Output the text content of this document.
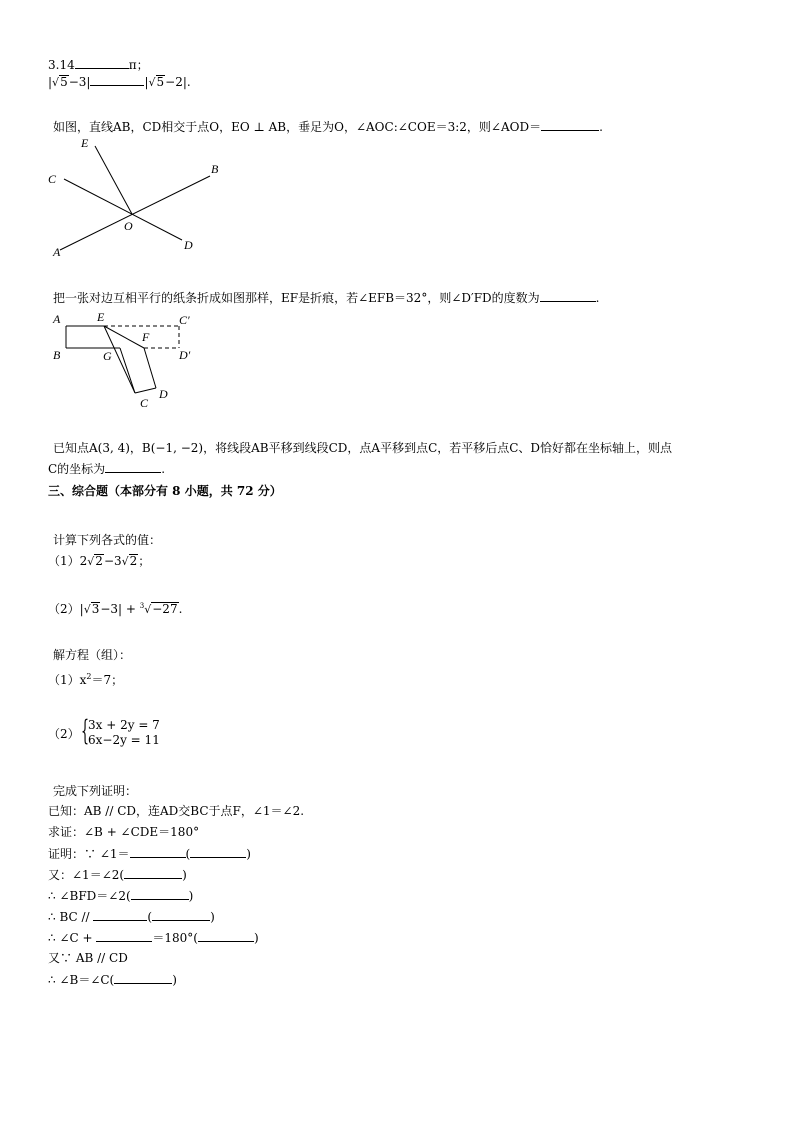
3.14	π；
|√5−3|	|√5−2|.
如图，直线AB，CD相交于点O，EO ⊥ AB，垂足为O，∠AOC:∠COE＝3:2，则∠AOD＝	.
E
C
B
O
A	D
把一张对边互相平行的纸条折成如图那样，EF是折痕，若∠EFB＝32°，则∠D′FD的度数为	.
A	E	C′
F
B	G	D′
D
C
已知点A(3, 4)，B(−1, −2)，将线段AB平移到线段CD，点A平移到点C，若平移后点C、D恰好都在坐标轴上，则点
C的坐标为	.
三、综合题（本部分有 8 小题，共 72 分）
计算下列各式的值：
（1）2√2−3√2；
（2）|√3−3| + $^3$√−27.
解方程（组）：
$(1)x^2=7$；
（2） {
3x + 2y = 7
6x−2y = 11
完成下列证明：
已知：AB // CD，连AD交BC于点F，∠1＝∠2.
求证：∠B + ∠CDE＝180°
证明：∵ ∠1＝	(	)
又：∠1＝∠2(	)
∴ ∠BFD＝∠2(	)
∴ BC //	(	)
∴ ∠C +	＝180°(	)
又∵ AB // CD
∴ ∠B＝∠C(	)
